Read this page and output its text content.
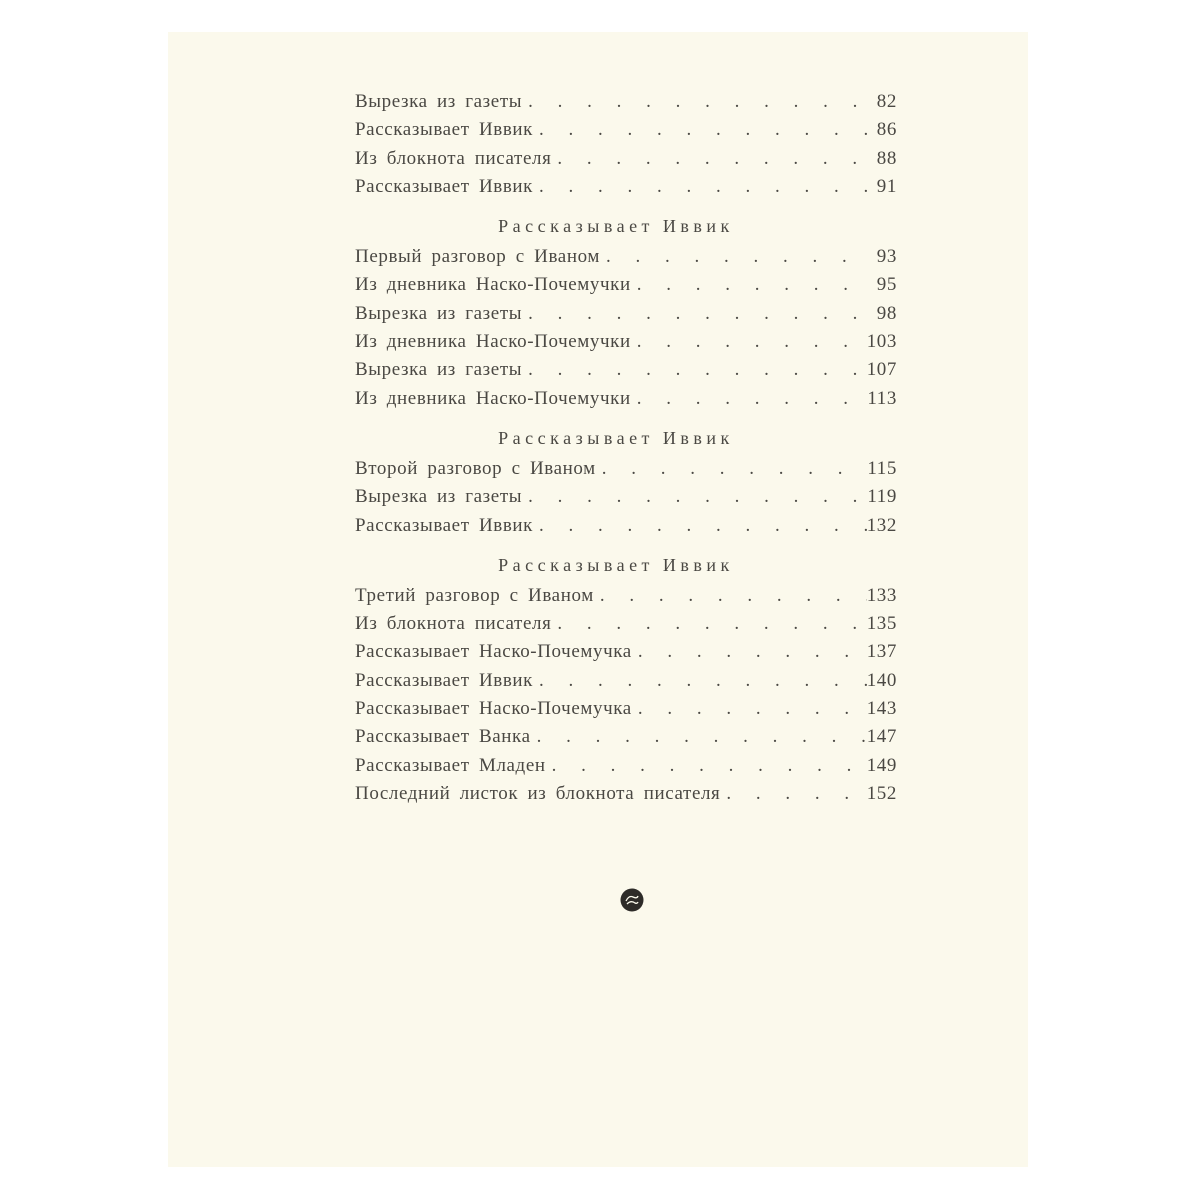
Вырезка из газеты . . .	82
Рассказывает Иввик . . .	86
Из блокнота писателя . . .	88
Рассказывает Иввик . . .	91
Рассказывает Иввик
Первый разговор с Иваном . . .	93
Из дневника Наско-Почемучки . . .	95
Вырезка из газеты . . .	98
Из дневника Наско-Почемучки . . .	103
Вырезка из газеты . . .	107
Из дневника Наско-Почемучки . . .	113
Рассказывает Иввик
Второй разговор с Иваном . . .	115
Вырезка из газеты . . .	119
Рассказывает Иввик . . .	132
Рассказывает Иввик
Третий разговор с Иваном . . .	133
Из блокнота писателя . . .	135
Рассказывает Наско-Почемучка . . .	137
Рассказывает Иввик . . .	140
Рассказывает Наско-Почемучка . . .	143
Рассказывает Ванка . . .	147
Рассказывает Младен . . .	149
Последний листок из блокнота писателя . . .	152
